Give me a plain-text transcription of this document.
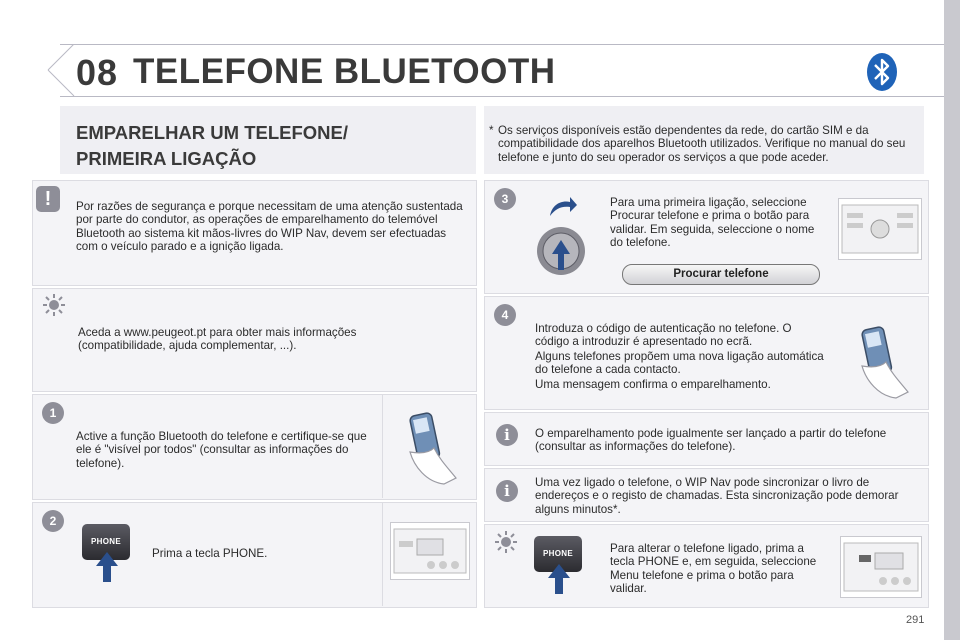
08 TELEFONE BLUETOOTH
EMPARELHAR UM TELEFONE/
PRIMEIRA LIGAÇÃO
* Os serviços disponíveis estão dependentes da rede, do cartão SIM e da compatibilidade dos aparelhos Bluetooth utilizados. Verifique no manual do seu telefone e junto do seu operador os serviços a que pode aceder.
!	Por razões de segurança e porque necessitam de uma atenção sustentada por parte do condutor, as operações de emparelhamento do telemóvel Bluetooth ao sistema kit mãos-livres do WIP Nav, devem ser efectuadas com o veículo parado e a ignição ligada.
Aceda a www.peugeot.pt para obter mais informações (compatibilidade, ajuda complementar, ...).
1
Active a função Bluetooth do telefone e certifique-se que ele é "visível por todos" (consultar as informações do telefone).
2
PHONE
Prima a tecla PHONE.
3	Para uma primeira ligação, seleccione Procurar telefone e prima o botão para validar. Em seguida, seleccione o nome do telefone.
Procurar telefone
4
Introduza o código de autenticação no telefone. O código a introduzir é apresentado no ecrã.
Alguns telefones propõem uma nova ligação automática do telefone a cada contacto.
Uma mensagem confirma o emparelhamento.
i	O emparelhamento pode igualmente ser lançado a partir do telefone (consultar as informações do telefone).
i	Uma vez ligado o telefone, o WIP Nav pode sincronizar o livro de endereços e o registo de chamadas. Esta sincronização pode demorar alguns minutos*.
PHONE	Para alterar o telefone ligado, prima a tecla PHONE e, em seguida, seleccione Menu telefone e prima o botão para validar.
291
